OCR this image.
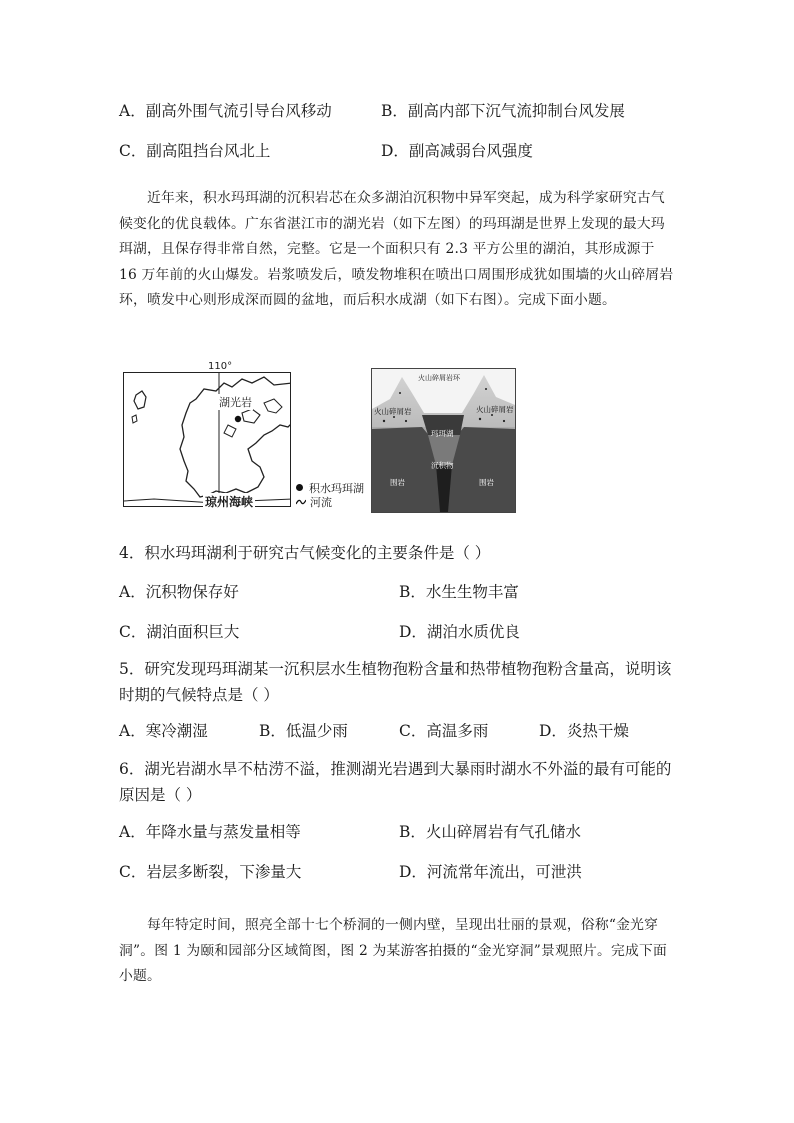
A．副高外围气流引导台风移动	B．副高内部下沉气流抑制台风发展
C．副高阻挡台风北上	D．副高减弱台风强度
近年来，积水玛珥湖的沉积岩芯在众多湖泊沉积物中异军突起，成为科学家研究古气候变化的优良载体。广东省湛江市的湖光岩（如下左图）的玛珥湖是世界上发现的最大玛珥湖，且保存得非常自然，完整。它是一个面积只有 2.3 平方公里的湖泊，其形成源于 16 万年前的火山爆发。岩浆喷发后，喷发物堆积在喷出口周围形成犹如围墙的火山碎屑岩环，喷发中心则形成深而圆的盆地，而后积水成湖（如下右图）。完成下面小题。
110°
湖光岩
琼州海峡
积水玛珥湖
河流
火山碎屑岩环
火山碎屑岩	火山碎屑岩
玛珥湖
沉积物
围岩	围岩
4．积水玛珥湖利于研究古气候变化的主要条件是（ ）
A．沉积物保存好	B．水生生物丰富
C．湖泊面积巨大	D．湖泊水质优良
5．研究发现玛珥湖某一沉积层水生植物孢粉含量和热带植物孢粉含量高，说明该时期的气候特点是（ ）
A．寒冷潮湿	B．低温少雨	C．高温多雨	D．炎热干燥
6．湖光岩湖水旱不枯涝不溢，推测湖光岩遇到大暴雨时湖水不外溢的最有可能的原因是（ ）
A．年降水量与蒸发量相等	B．火山碎屑岩有气孔储水
C．岩层多断裂，下渗量大	D．河流常年流出，可泄洪
每年特定时间，照亮全部十七个桥洞的一侧内壁，呈现出壮丽的景观，俗称“金光穿洞”。图 1 为颐和园部分区域简图，图 2 为某游客拍摄的“金光穿洞”景观照片。完成下面小题。
